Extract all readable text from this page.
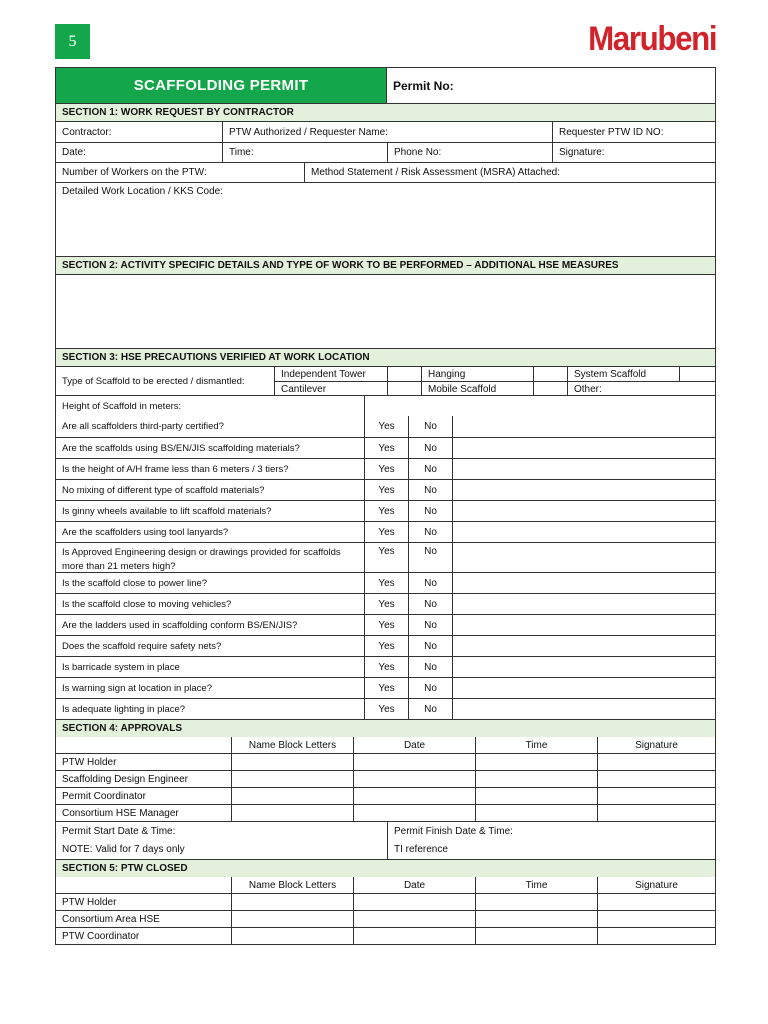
5	Marubeni
SCAFFOLDING PERMIT	Permit No:
SECTION 1: WORK REQUEST BY CONTRACTOR
Contractor:	PTW Authorized / Requester Name:	Requester PTW ID NO:
Date:	Time:	Phone No:	Signature:
Number of Workers on the PTW:	Method Statement / Risk Assessment (MSRA) Attached:
Detailed Work Location / KKS Code:
SECTION 2: ACTIVITY SPECIFIC DETAILS AND TYPE OF WORK TO BE PERFORMED – ADDITIONAL HSE MEASURES
SECTION 3: HSE PRECAUTIONS VERIFIED AT WORK LOCATION
Type of Scaffold to be erected / dismantled:
Independent Tower	Hanging	System Scaffold
Cantilever	Mobile Scaffold	Other:
Height of Scaffold in meters:
Are all scaffolders third-party certified?	Yes	No
Are the scaffolds using BS/EN/JIS scaffolding materials?	Yes	No
Is the height of A/H frame less than 6 meters / 3 tiers?	Yes	No
No mixing of different type of scaffold materials?	Yes	No
Is ginny wheels available to lift scaffold materials?	Yes	No
Are the scaffolders using tool lanyards?	Yes	No
Is Approved Engineering design or drawings provided for scaffolds more than 21 meters high?
Yes	No
Is the scaffold close to power line?	Yes	No
Is the scaffold close to moving vehicles?	Yes	No
Are the ladders used in scaffolding conform BS/EN/JIS?	Yes	No
Does the scaffold require safety nets?	Yes	No
Is barricade system in place	Yes	No
Is warning sign at location in place?	Yes	No
Is adequate lighting in place?	Yes	No
SECTION 4: APPROVALS
Name Block Letters	Date	Time	Signature
PTW Holder
Scaffolding Design Engineer
Permit Coordinator
Consortium HSE Manager
Permit Start Date & Time:
NOTE: Valid for 7 days only
Permit Finish Date & Time:
TI reference
SECTION 5: PTW CLOSED
Name Block Letters	Date	Time	Signature
PTW Holder
Consortium Area HSE
PTW Coordinator
